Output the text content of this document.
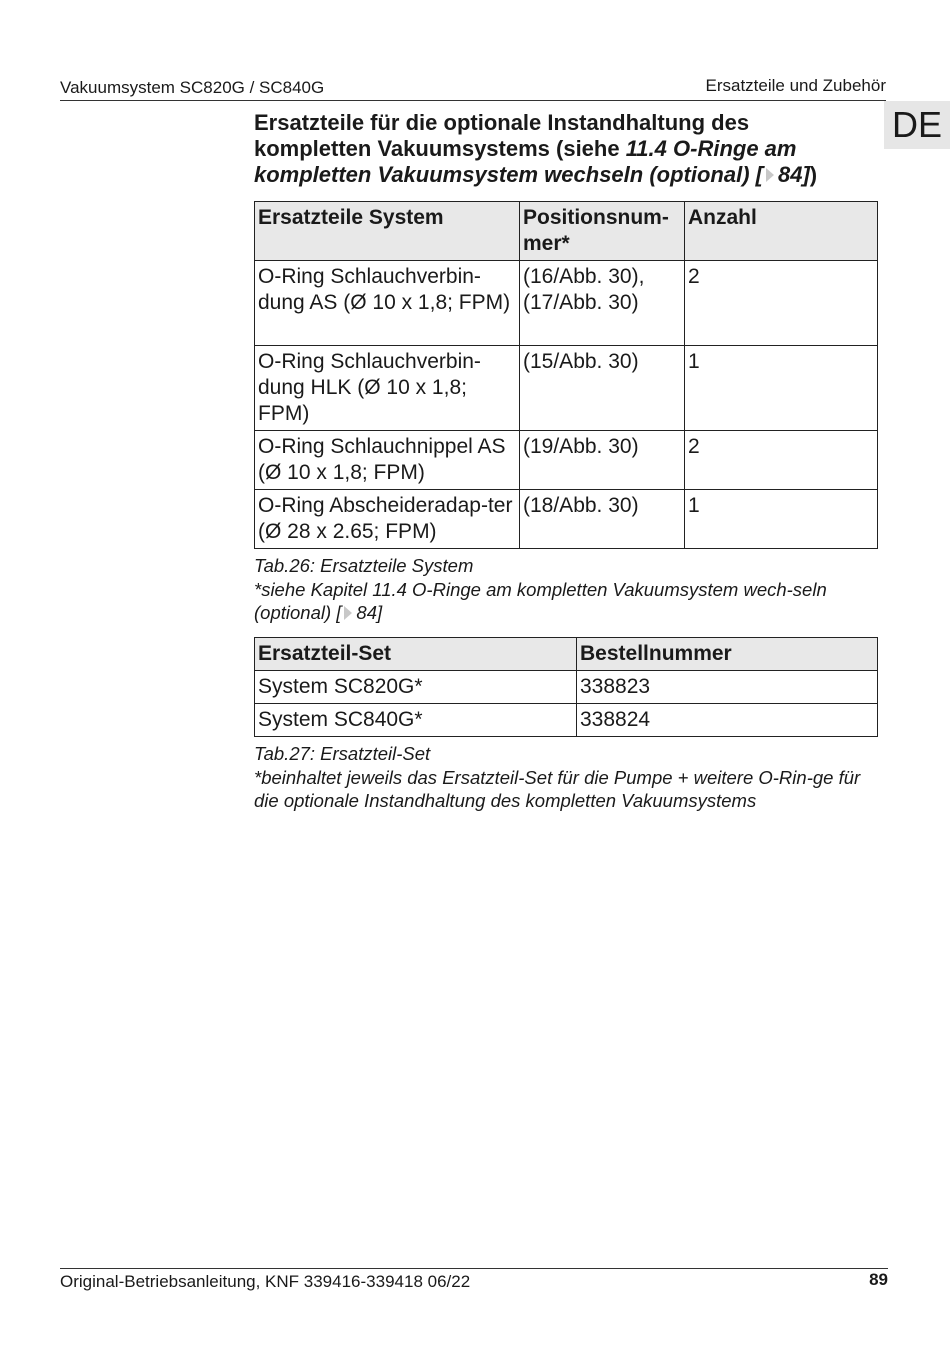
Vakuumsystem SC820G / SC840G	Ersatzteile und Zubehör
DE
Ersatzteile für die optionale Instandhaltung des kompletten Vakuumsystems (siehe 11.4 O-Ringe am kompletten Vakuumsystem wechseln (optional) [ 84])
Ersatzteile System	Positionsnum-mer*	Anzahl
O-Ring Schlauchverbin-dung AS (Ø 10 x 1,8; FPM)	(16/Abb. 30), (17/Abb. 30)	2
O-Ring Schlauchverbin-dung HLK (Ø 10 x 1,8; FPM)	(15/Abb. 30)	1
O-Ring Schlauchnippel AS (Ø 10 x 1,8; FPM)	(19/Abb. 30)	2
O-Ring Abscheideradap-ter (Ø 28 x 2.65; FPM)	(18/Abb. 30)	1
Tab.26: Ersatzteile System
*siehe Kapitel 11.4 O-Ringe am kompletten Vakuumsystem wech-seln (optional) [ 84]
Ersatzteil-Set	Bestellnummer
System SC820G*	338823
System SC840G*	338824
Tab.27: Ersatzteil-Set
*beinhaltet jeweils das Ersatzteil-Set für die Pumpe + weitere O-Rin-ge für die optionale Instandhaltung des kompletten Vakuumsystems
Original-Betriebsanleitung, KNF 339416-339418 06/22	89
